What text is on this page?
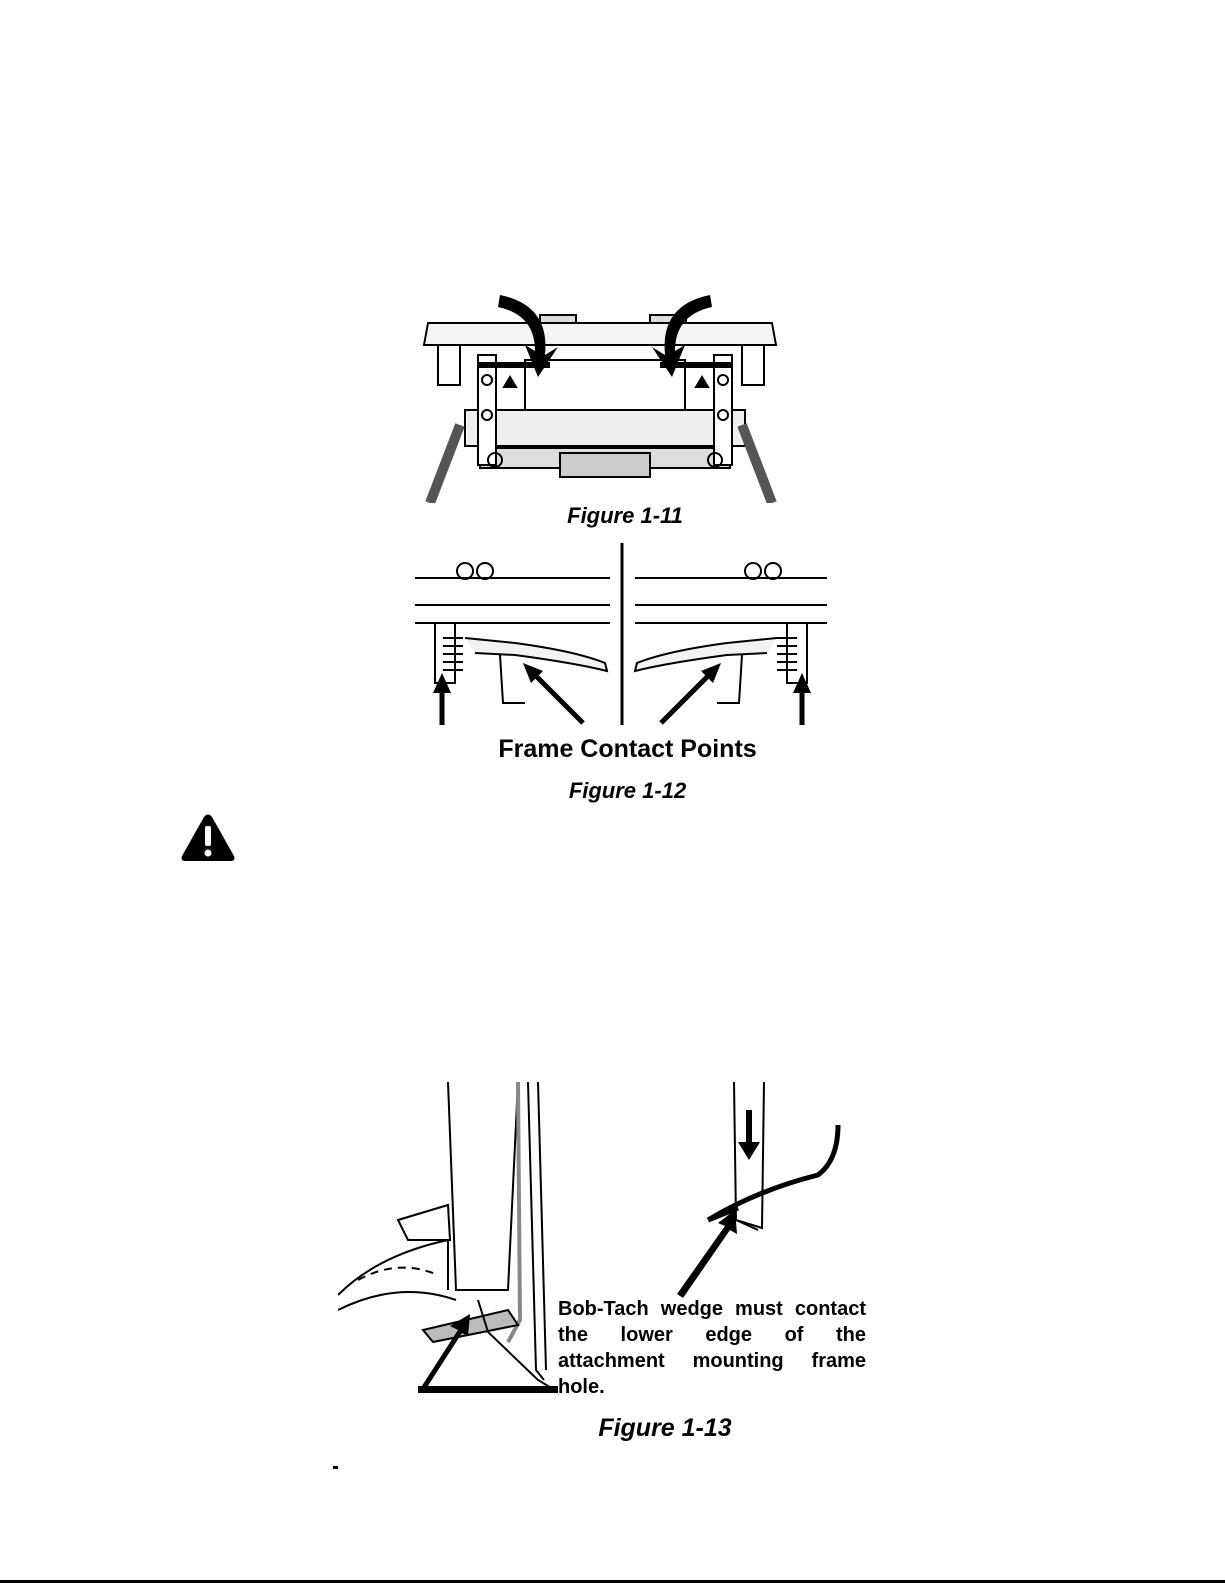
Figure 1-11
Frame Contact Points
Figure 1-12
Bob-Tach wedge must contact the lower edge of the attachment mounting frame hole.
Figure 1-13
